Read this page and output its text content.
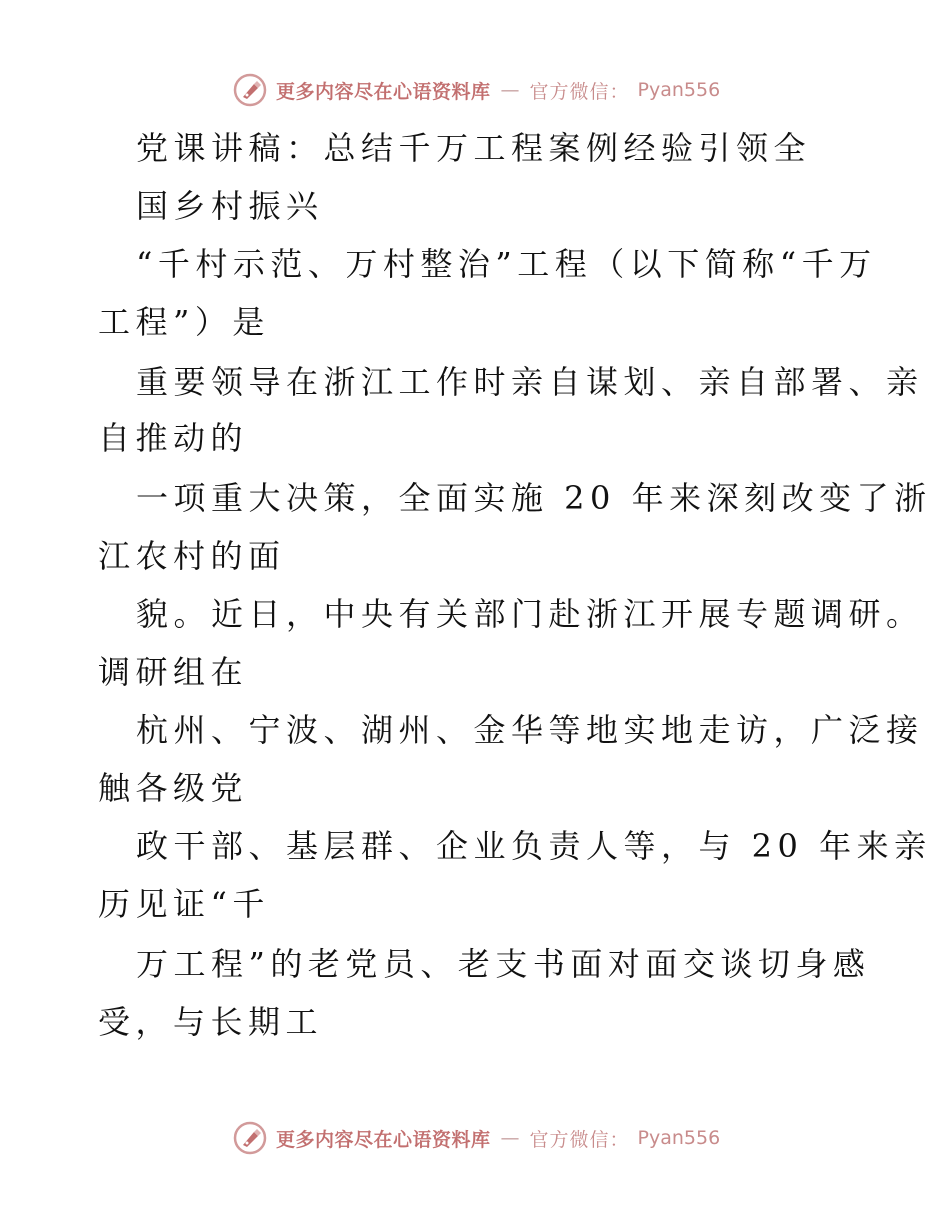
更多内容尽在心语资料库 — 官方微信： Pyan556
党课讲稿：总结千万工程案例经验引领全
国乡村振兴
“千村示范、万村整治”工程（以下简称“千万
工程”）是
重要领导在浙江工作时亲自谋划、亲自部署、亲
自推动的
一项重大决策，全面实施 20 年来深刻改变了浙
江农村的面
貌。近日，中央有关部门赴浙江开展专题调研。
调研组在
杭州、宁波、湖州、金华等地实地走访，广泛接
触各级党
政干部、基层群、企业负责人等，与 20 年来亲
历见证“千
万工程”的老党员、老支书面对面交谈切身感
受，与长期工
更多内容尽在心语资料库 — 官方微信： Pyan556
